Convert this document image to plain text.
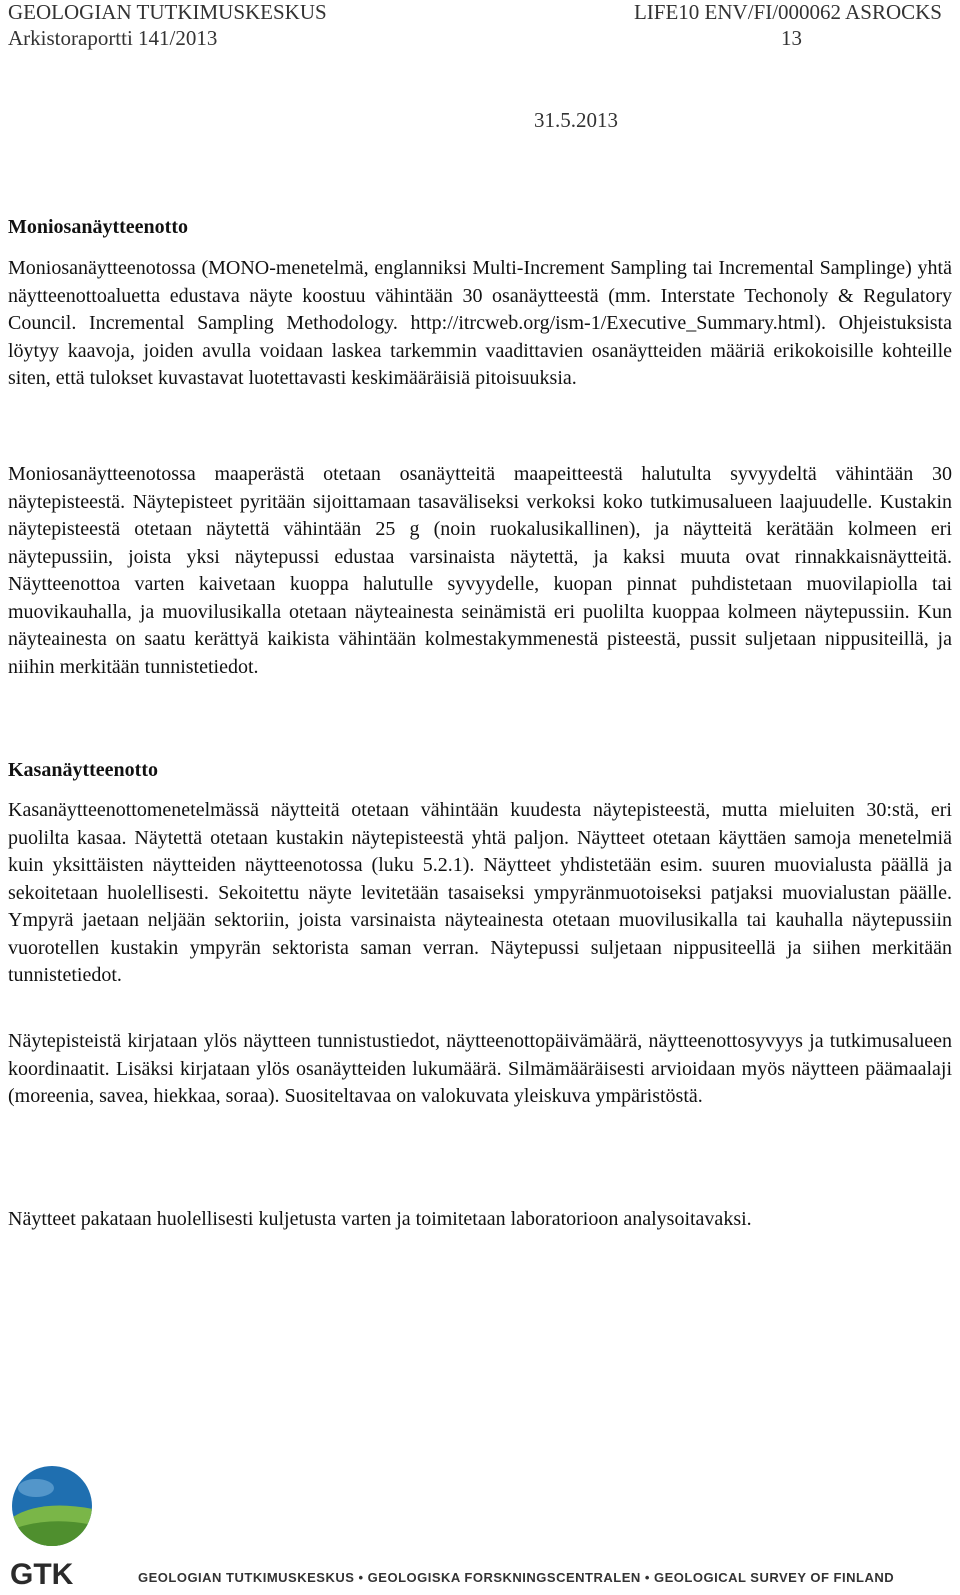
GEOLOGIAN TUTKIMUSKESKUS	LIFE10 ENV/FI/000062 ASROCKS
Arkistoraportti 141/2013	13
31.5.2013
Moniosanäytteenotto

Moniosanäytteenotossa (MONO-menetelmä, englanniksi Multi-Increment Sampling tai Incremental Samplinge) yhtä näytteenottoaluetta edustava näyte koostuu vähintään 30 osanäytteestä (mm. Interstate Techonoly & Regulatory Council. Incremental Sampling Methodology. http://itrcweb.org/ism-1/Executive_Summary.html). Ohjeistuksista löytyy kaavoja, joiden avulla voidaan laskea tarkemmin vaadittavien osanäytteiden määriä erikokoisille kohteille siten, että tulokset kuvastavat luotettavasti keskimääräisiä pitoisuuksia.

Moniosanäytteenotossa maaperästä otetaan osanäytteitä maapeitteestä halutulta syvyydeltä vähintään 30 näytepisteestä. Näytepisteet pyritään sijoittamaan tasaväliseksi verkoksi koko tutkimusalueen laajuudelle. Kustakin näytepisteestä otetaan näytettä vähintään 25 g (noin ruokalusikallinen), ja näytteitä kerätään kolmeen eri näytepussiin, joista yksi näytepussi edustaa varsinaista näytettä, ja kaksi muuta ovat rinnakkaisnäytteitä. Näytteenottoa varten kaivetaan kuoppa halutulle syvyydelle, kuopan pinnat puhdistetaan muovilapiolla tai muovikauhalla, ja muovilusikalla otetaan näyteainesta seinämistä eri puolilta kuoppaa kolmeen näytepussiin. Kun näyteainesta on saatu kerättyä kaikista vähintään kolmestakymmenestä pisteestä, pussit suljetaan nippusiteillä, ja niihin merkitään tunnistetiedot.

Kasanäytteenotto

Kasanäytteenottomenetelmässä näytteitä otetaan vähintään kuudesta näytepisteestä, mutta mieluiten 30:stä, eri puolilta kasaa. Näytettä otetaan kustakin näytepisteestä yhtä paljon. Näytteet otetaan käyttäen samoja menetelmiä kuin yksittäisten näytteiden näytteenotossa (luku 5.2.1). Näytteet yhdistetään esim. suuren muovialusta päällä ja sekoitetaan huolellisesti. Sekoitettu näyte levitetään tasaiseksi ympyränmuotoiseksi patjaksi muovialustan päälle. Ympyrä jaetaan neljään sektoriin, joista varsinaista näyteainesta otetaan muovilusikalla tai kauhalla näytepussiin vuorotellen kustakin ympyrän sektorista saman verran. Näytepussi suljetaan nippusiteellä ja siihen merkitään tunnistetiedot.

Näytepisteistä kirjataan ylös näytteen tunnistustiedot, näytteenottopäivämäärä, näytteenottosyvyys ja tutkimusalueen koordinaatit. Lisäksi kirjataan ylös osanäytteiden lukumäärä. Silmämääräisesti arvioidaan myös näytteen päämaalaji (moreenia, savea, hiekkaa, soraa). Suositeltavaa on valokuvata yleiskuva ympäristöstä.

Näytteet pakataan huolellisesti kuljetusta varten ja toimitetaan laboratorioon analysoitavaksi.

GTK	GEOLOGIAN TUTKIMUSKESKUS • GEOLOGISKA FORSKNINGSCENTRALEN • GEOLOGICAL SURVEY OF FINLAND
